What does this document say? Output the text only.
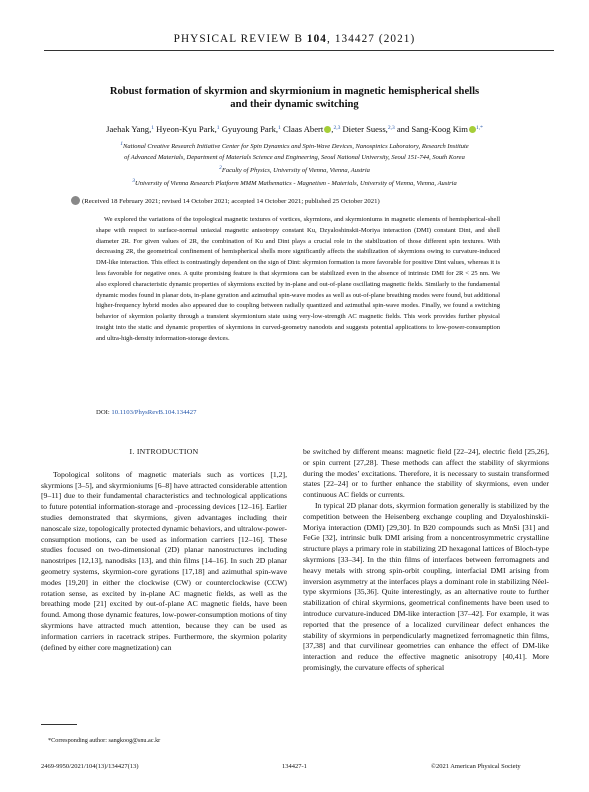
PHYSICAL REVIEW B 104, 134427 (2021)
Robust formation of skyrmion and skyrmionium in magnetic hemispherical shells
and their dynamic switching
Jaehak Yang,$^1$ Hyeon-Kyu Park,$^1$ Gyuyoung Park,$^1$ Claas Abert ,$^{2,3}$ Dieter Suess,$^{2,3}$ and Sang-Koog Kim $^{1,*}$
$^1$National Creative Research Initiative Center for Spin Dynamics and Spin-Wave Devices, Nanospinics Laboratory, Research Institute
of Advanced Materials, Department of Materials Science and Engineering, Seoul National University, Seoul 151-744, South Korea
$^2$Faculty of Physics, University of Vienna, Vienna, Austria
$^3$University of Vienna Research Platform MMM Mathematics - Magnetism - Materials, University of Vienna, Vienna, Austria
(Received 18 February 2021; revised 14 October 2021; accepted 14 October 2021; published 25 October 2021)
We explored the variations of the topological magnetic textures of vortices, skyrmions, and skyrmioniums in magnetic elements of hemispherical-shell shape with respect to surface-normal uniaxial magnetic anisotropy constant Ku, Dzyaloshinskii-Moriya interaction (DMI) constant Dint, and shell diameter 2R. For given values of 2R, the combination of Ku and Dint plays a crucial role in the stabilization of those different spin textures. With decreasing 2R, the geometrical confinement of hemispherical shells more significantly affects the stabilization of skyrmions owing to curvature-induced DM-like interaction. This effect is contrastingly dependent on the sign of Dint: skyrmion formation is more favorable for positive Dint values, whereas it is less favorable for negative ones. A quite promising feature is that skyrmions can be stabilized even in the absence of intrinsic DMI for 2R < 25 nm. We also explored characteristic dynamic properties of skyrmions excited by in-plane and out-of-plane oscillating magnetic fields. Similarly to the fundamental dynamic modes found in planar dots, in-plane gyration and azimuthal spin-wave modes as well as out-of-plane breathing modes were found, but additional higher-frequency hybrid modes also appeared due to coupling between radially quantized and azimuthal spin-wave modes. Finally, we found a switching behavior of skyrmion polarity through a transient skyrmionium state using very-low-strength AC magnetic fields. This work provides further physical insight into the static and dynamic properties of skyrmions in curved-geometry nanodots and suggests potential applications to low-power-consumption and ultra-high-density information-storage devices.
DOI: 10.1103/PhysRevB.104.134427
I. INTRODUCTION

Topological solitons of magnetic materials such as vortices [1,2], skyrmions [3–5], and skyrmioniums [6–8] have attracted considerable attention [9–11] due to their fundamental characteristics and technological applications to future potential information-storage and -processing devices [12–16]. Earlier studies demonstrated that skyrmions, given advantages including their nanoscale size, topologically protected dynamic behaviors, and ultralow-power-consumption motions, can be used as information carriers [12–16]. These studies focused on two-dimensional (2D) planar nanostructures including nanostripes [12,13], nanodisks [13], and thin films [14–16]. In such 2D planar geometry systems, skyrmion-core gyrations [17,18] and azimuthal spin-wave modes [19,20] in either the clockwise (CW) or counterclockwise (CCW) rotation sense, as excited by in-plane AC magnetic fields, as well as the breathing mode [21] excited by out-of-plane AC magnetic fields, have been found. Among those dynamic features, low-power-consumption motions of tiny skyrmions have attracted much attention, because they can be used as information carriers in racetrack stripes. Furthermore, the skyrmion polarity (defined by either core magnetization) can

be switched by different means: magnetic field [22–24], electric field [25,26], or spin current [27,28]. These methods can affect the stability of skyrmions during the modes’ excitations. Therefore, it is necessary to sustain transformed states [22–24] or to further enhance the stability of skyrmions, even under continuous AC fields or currents.

In typical 2D planar dots, skyrmion formation generally is stabilized by the competition between the Heisenberg exchange coupling and Dzyaloshinskii-Moriya interaction (DMI) [29,30]. In B20 compounds such as MnSi [31] and FeGe [32], intrinsic bulk DMI arising from a noncentrosymmetric crystalline structure plays a primary role in stabilizing 2D hexagonal lattices of Bloch-type skyrmions [33–34]. In the thin films of interfaces between ferromagnets and heavy metals with strong spin-orbit coupling, interfacial DMI arising from inversion asymmetry at the interfaces plays a dominant role in stabilizing Néel-type skyrmions [35,36]. Quite interestingly, as an alternative route to further stabilization of chiral skyrmions, geometrical confinements have been used to introduce curvature-induced DM-like interaction [37–42]. For example, it was reported that the presence of a localized curvilinear defect enhances the stability of skyrmions in perpendicularly magnetized ferromagnetic thin films, [37,38] and that curvilinear geometries can enhance the effect of DM-like interaction and reduce the effective magnetic anisotropy [40,41]. More promisingly, the curvature effects of spherical

*Corresponding author: sangkoog@snu.ac.kr
2469-9950/2021/104(13)/134427(13)	134427-1	©2021 American Physical Society
